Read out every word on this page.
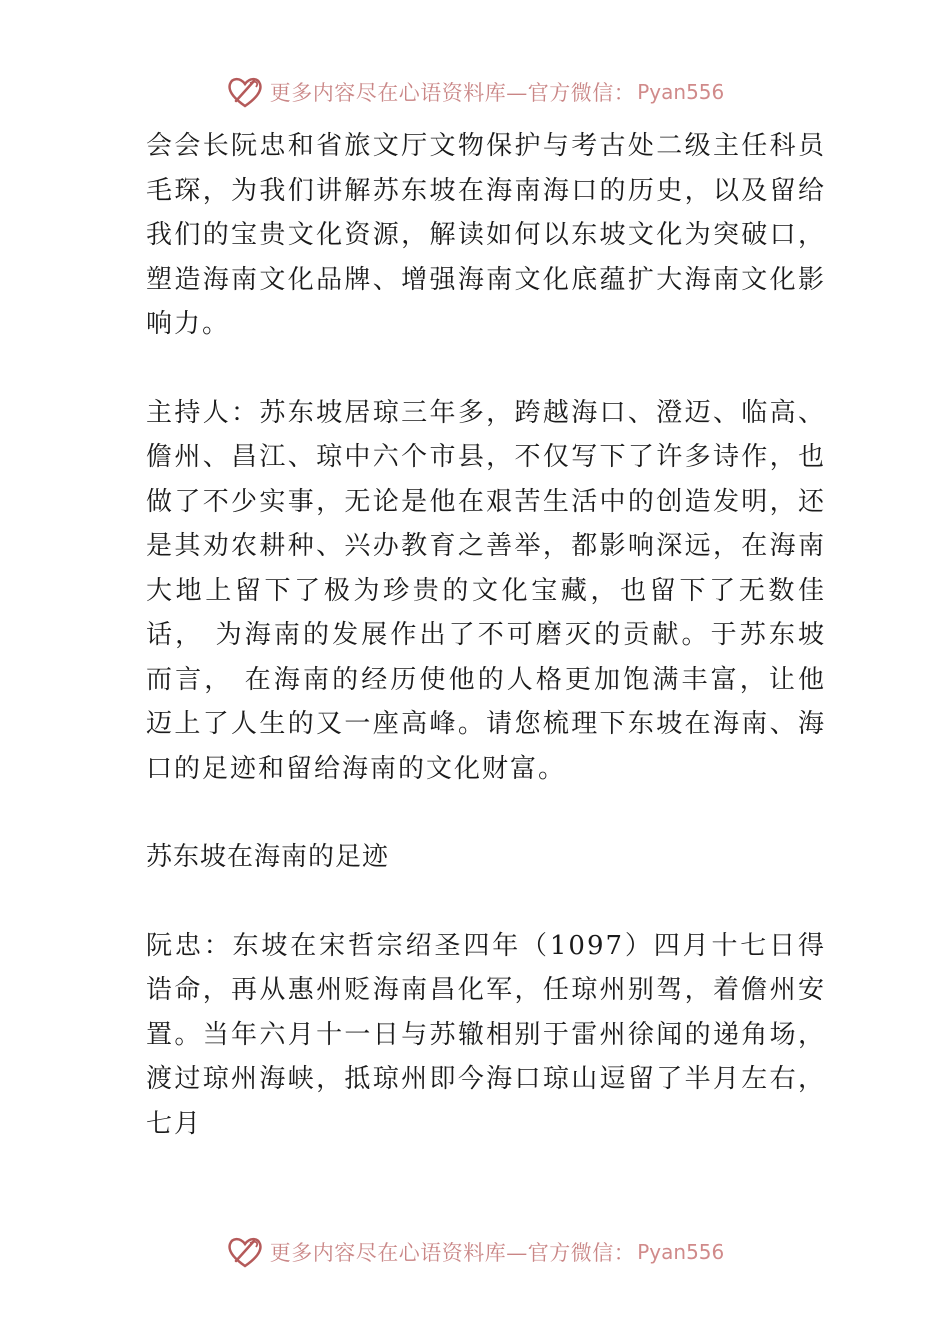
更多内容尽在心语资料库—官方微信： Pyan556

会会长阮忠和省旅文厅文物保护与考古处二级主任科员毛琛，为我们讲解苏东坡在海南海口的历史，以及留给我们的宝贵文化资源，解读如何以东坡文化为突破口，塑造海南文化品牌、增强海南文化底蕴扩大海南文化影响力。

主持人：苏东坡居琼三年多，跨越海口、澄迈、临高、儋州、昌江、琼中六个市县，不仅写下了许多诗作，也做了不少实事，无论是他在艰苦生活中的创造发明，还是其劝农耕种、兴办教育之善举，都影响深远，在海南大地上留下了极为珍贵的文化宝藏，也留下了无数佳话， 为海南的发展作出了不可磨灭的贡献。于苏东坡而言， 在海南的经历使他的人格更加饱满丰富，让他迈上了人生的又一座高峰。请您梳理下东坡在海南、海口的足迹和留给海南的文化财富。

苏东坡在海南的足迹

阮忠：东坡在宋哲宗绍圣四年（1097）四月十七日得诰命，再从惠州贬海南昌化军，任琼州别驾，着儋州安置。当年六月十一日与苏辙相别于雷州徐闻的递角场，渡过琼州海峡，抵琼州即今海口琼山逗留了半月左右，七月

更多内容尽在心语资料库—官方微信： Pyan556
